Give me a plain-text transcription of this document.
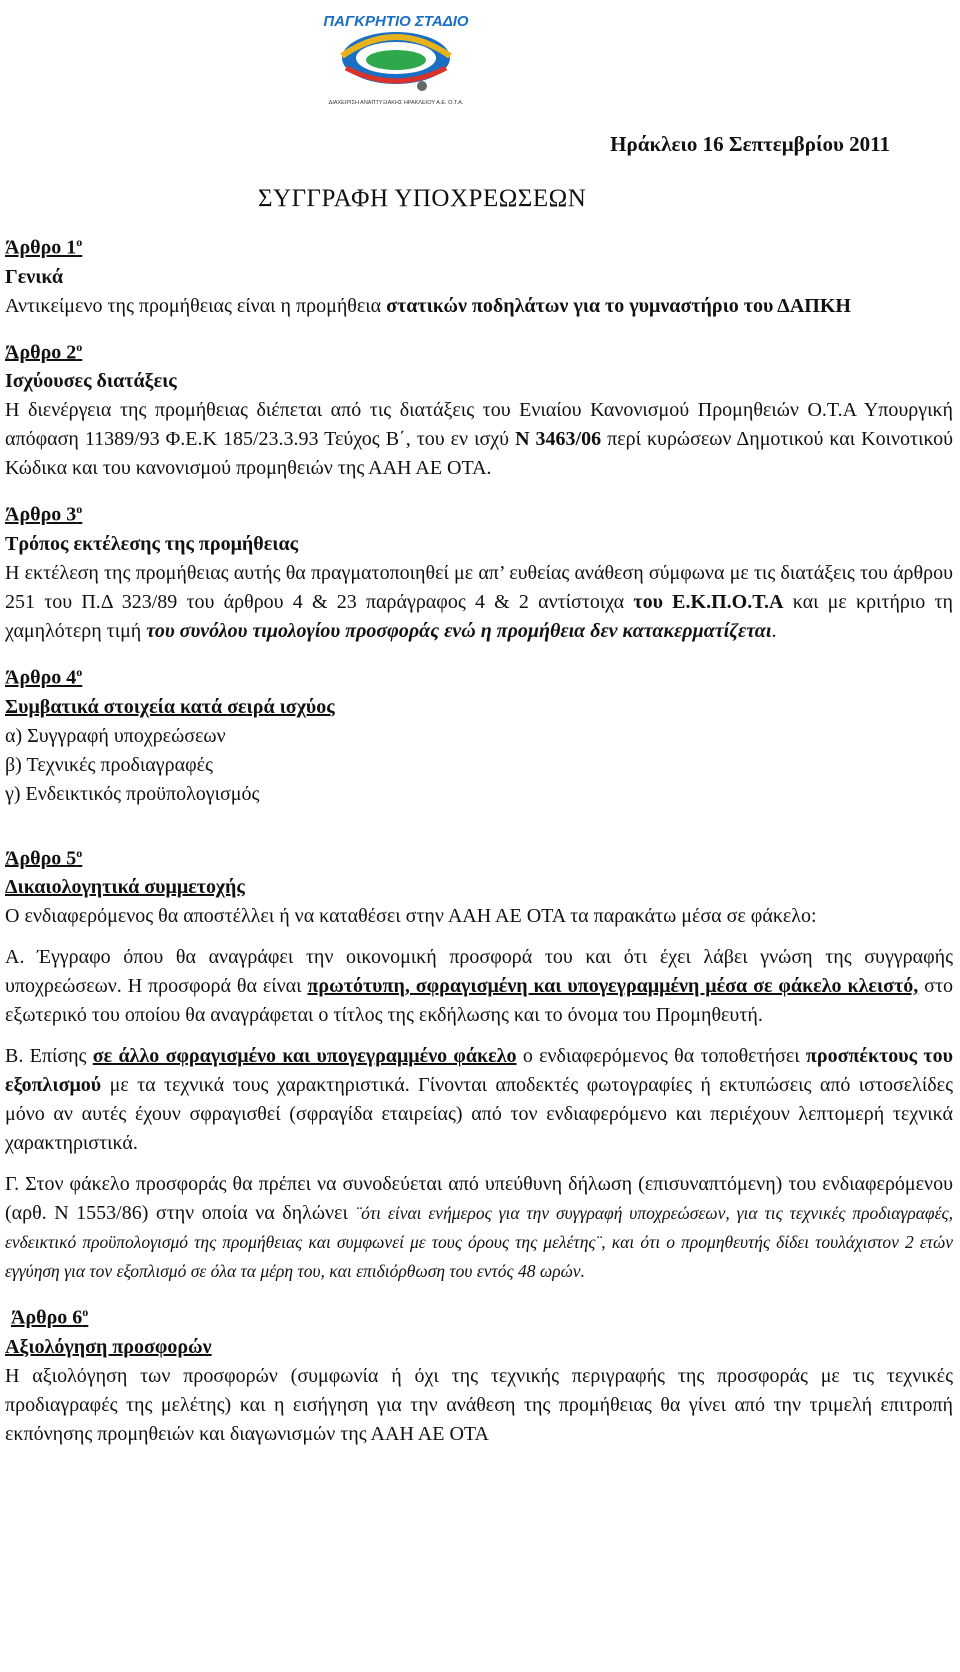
ΠΑΓΚΡΗΤΙΟ ΣΤΑΔΙΟ
ΔΙΑΧΕΙΡΙΣΗ ΑΝΑΠΤΥΞΙΑΚΗΣ ΗΡΑΚΛΕΙΟΥ Α.Ε. Ο.Τ.Α.
Ηράκλειο 16 Σεπτεμβρίου 2011
ΣΥΓΓΡΑΦΗ ΥΠΟΧΡΕΩΣΕΩΝ
Άρθρο $1^o$
Γενικά

Αντικείμενο της προμήθειας είναι η προμήθεια στατικών ποδηλάτων για το γυμναστήριο του ΔΑΠΚΗ

Άρθρο $2^o$
Ισχύουσες διατάξεις

Η διενέργεια της προμήθειας διέπεται από τις διατάξεις του Ενιαίου Κανονισμού Προμηθειών Ο.Τ.Α Υπουργική απόφαση 11389/93 Φ.Ε.Κ 185/23.3.93 Τεύχος Β΄, του εν ισχύ Ν 3463/06 περί κυρώσεων Δημοτικού και Κοινοτικού Κώδικα και του κανονισμού προμηθειών της ΑΑΗ ΑΕ ΟΤΑ.

Άρθρο $3^o$
Τρόπος εκτέλεσης της προμήθειας

Η εκτέλεση της προμήθειας αυτής θα πραγματοποιηθεί με απ’ ευθείας ανάθεση σύμφωνα με τις διατάξεις του άρθρου 251 του Π.Δ 323/89 του άρθρου 4 & 23 παράγραφος 4 & 2 αντίστοιχα του Ε.Κ.Π.Ο.Τ.Α και με κριτήριο τη χαμηλότερη τιμή του συνόλου τιμολογίου προσφοράς ενώ η προμήθεια δεν κατακερματίζεται.

Άρθρο $4^o$
Συμβατικά στοιχεία κατά σειρά ισχύος
α) Συγγραφή υποχρεώσεων
β) Τεχνικές προδιαγραφές
γ) Ενδεικτικός προϋπολογισμός
Άρθρο $5^o$
Δικαιολογητικά συμμετοχής

Ο ενδιαφερόμενος θα αποστέλλει ή να καταθέσει στην ΑΑΗ ΑΕ ΟΤΑ τα παρακάτω μέσα σε φάκελο:

Α. Έγγραφο όπου θα αναγράφει την οικονομική προσφορά του και ότι έχει λάβει γνώση της συγγραφής υποχρεώσεων. Η προσφορά θα είναι πρωτότυπη, σφραγισμένη και υπογεγραμμένη μέσα σε φάκελο κλειστό, στο εξωτερικό του οποίου θα αναγράφεται ο τίτλος της εκδήλωσης και το όνομα του Προμηθευτή.

Β. Επίσης σε άλλο σφραγισμένο και υπογεγραμμένο φάκελο ο ενδιαφερόμενος θα τοποθετήσει προσπέκτους του εξοπλισμού με τα τεχνικά τους χαρακτηριστικά. Γίνονται αποδεκτές φωτογραφίες ή εκτυπώσεις από ιστοσελίδες μόνο αν αυτές έχουν σφραγισθεί (σφραγίδα εταιρείας) από τον ενδιαφερόμενο και περιέχουν λεπτομερή τεχνικά χαρακτηριστικά.

Γ. Στον φάκελο προσφοράς θα πρέπει να συνοδεύεται από υπεύθυνη δήλωση (επισυναπτόμενη) του ενδιαφερόμενου (αρθ. Ν 1553/86) στην οποία να δηλώνει ¨ότι είναι ενήμερος για την συγγραφή υποχρεώσεων, για τις τεχνικές προδιαγραφές, ενδεικτικό προϋπολογισμό της προμήθειας και συμφωνεί με τους όρους της μελέτης¨, και ότι ο προμηθευτής δίδει τουλάχιστον 2 ετών εγγύηση για τον εξοπλισμό σε όλα τα μέρη του, και επιδιόρθωση του εντός 48 ωρών.

Άρθρο $6^o$
Αξιολόγηση προσφορών

Η αξιολόγηση των προσφορών (συμφωνία ή όχι της τεχνικής περιγραφής της προσφοράς με τις τεχνικές προδιαγραφές της μελέτης) και η εισήγηση για την ανάθεση της προμήθειας θα γίνει από την τριμελή επιτροπή εκπόνησης προμηθειών και διαγωνισμών της ΑΑΗ ΑΕ ΟΤΑ
